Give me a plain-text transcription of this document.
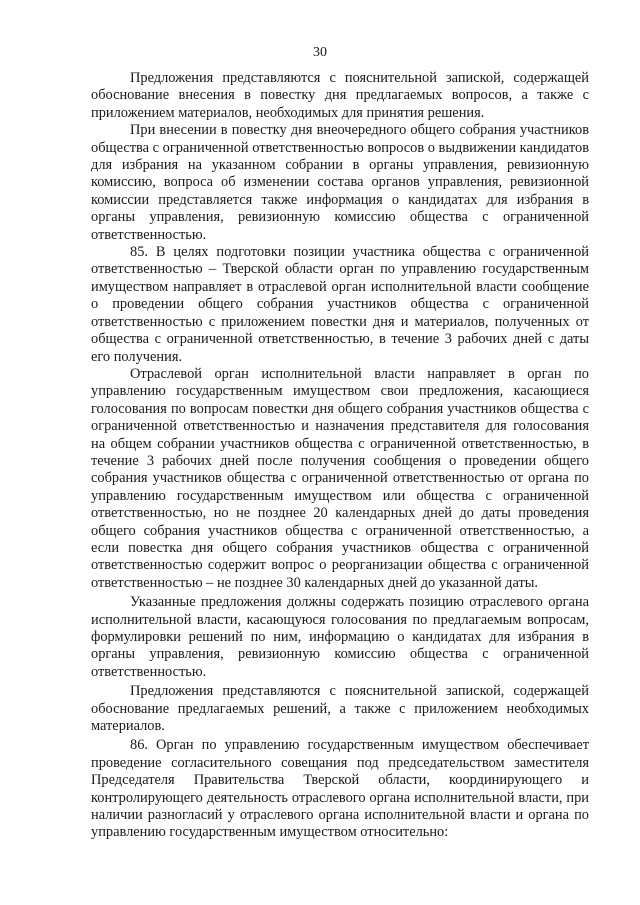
30

Предложения представляются с пояснительной запиской, содержащей обоснование внесения в повестку дня предлагаемых вопросов, а также с приложением материалов, необходимых для принятия решения.

При внесении в повестку дня внеочередного общего собрания участников общества с ограниченной ответственностью вопросов о выдвижении кандидатов для избрания на указанном собрании в органы управления, ревизионную комиссию, вопроса об изменении состава органов управления, ревизионной комиссии представляется также информация о кандидатах для избрания в органы управления, ревизионную комиссию общества с ограниченной ответственностью.

85. В целях подготовки позиции участника общества с ограниченной ответственностью – Тверской области орган по управлению государственным имуществом направляет в отраслевой орган исполнительной власти сообщение о проведении общего собрания участников общества с ограниченной ответственностью с приложением повестки дня и материалов, полученных от общества с ограниченной ответственностью, в течение 3 рабочих дней с даты его получения.

Отраслевой орган исполнительной власти направляет в орган по управлению государственным имуществом свои предложения, касающиеся голосования по вопросам повестки дня общего собрания участников общества с ограниченной ответственностью и назначения представителя для голосования на общем собрании участников общества с ограниченной ответственностью, в течение 3 рабочих дней после получения сообщения о проведении общего собрания участников общества с ограниченной ответственностью от органа по управлению государственным имуществом или общества с ограниченной ответственностью, но не позднее 20 календарных дней до даты проведения общего собрания участников общества с ограниченной ответственностью, а если повестка дня общего собрания участников общества с ограниченной ответственностью содержит вопрос о реорганизации общества с ограниченной ответственностью – не позднее 30 календарных дней до указанной даты.

Указанные предложения должны содержать позицию отраслевого органа исполнительной власти, касающуюся голосования по предлагаемым вопросам, формулировки решений по ним, информацию о кандидатах для избрания в органы управления, ревизионную комиссию общества с ограниченной ответственностью.

Предложения представляются с пояснительной запиской, содержащей обоснование предлагаемых решений, а также с приложением необходимых материалов.

86. Орган по управлению государственным имуществом обеспечивает проведение согласительного совещания под председательством заместителя Председателя Правительства Тверской области, координирующего и контролирующего деятельность отраслевого органа исполнительной власти, при наличии разногласий у отраслевого органа исполнительной власти и органа по управлению государственным имуществом относительно:
